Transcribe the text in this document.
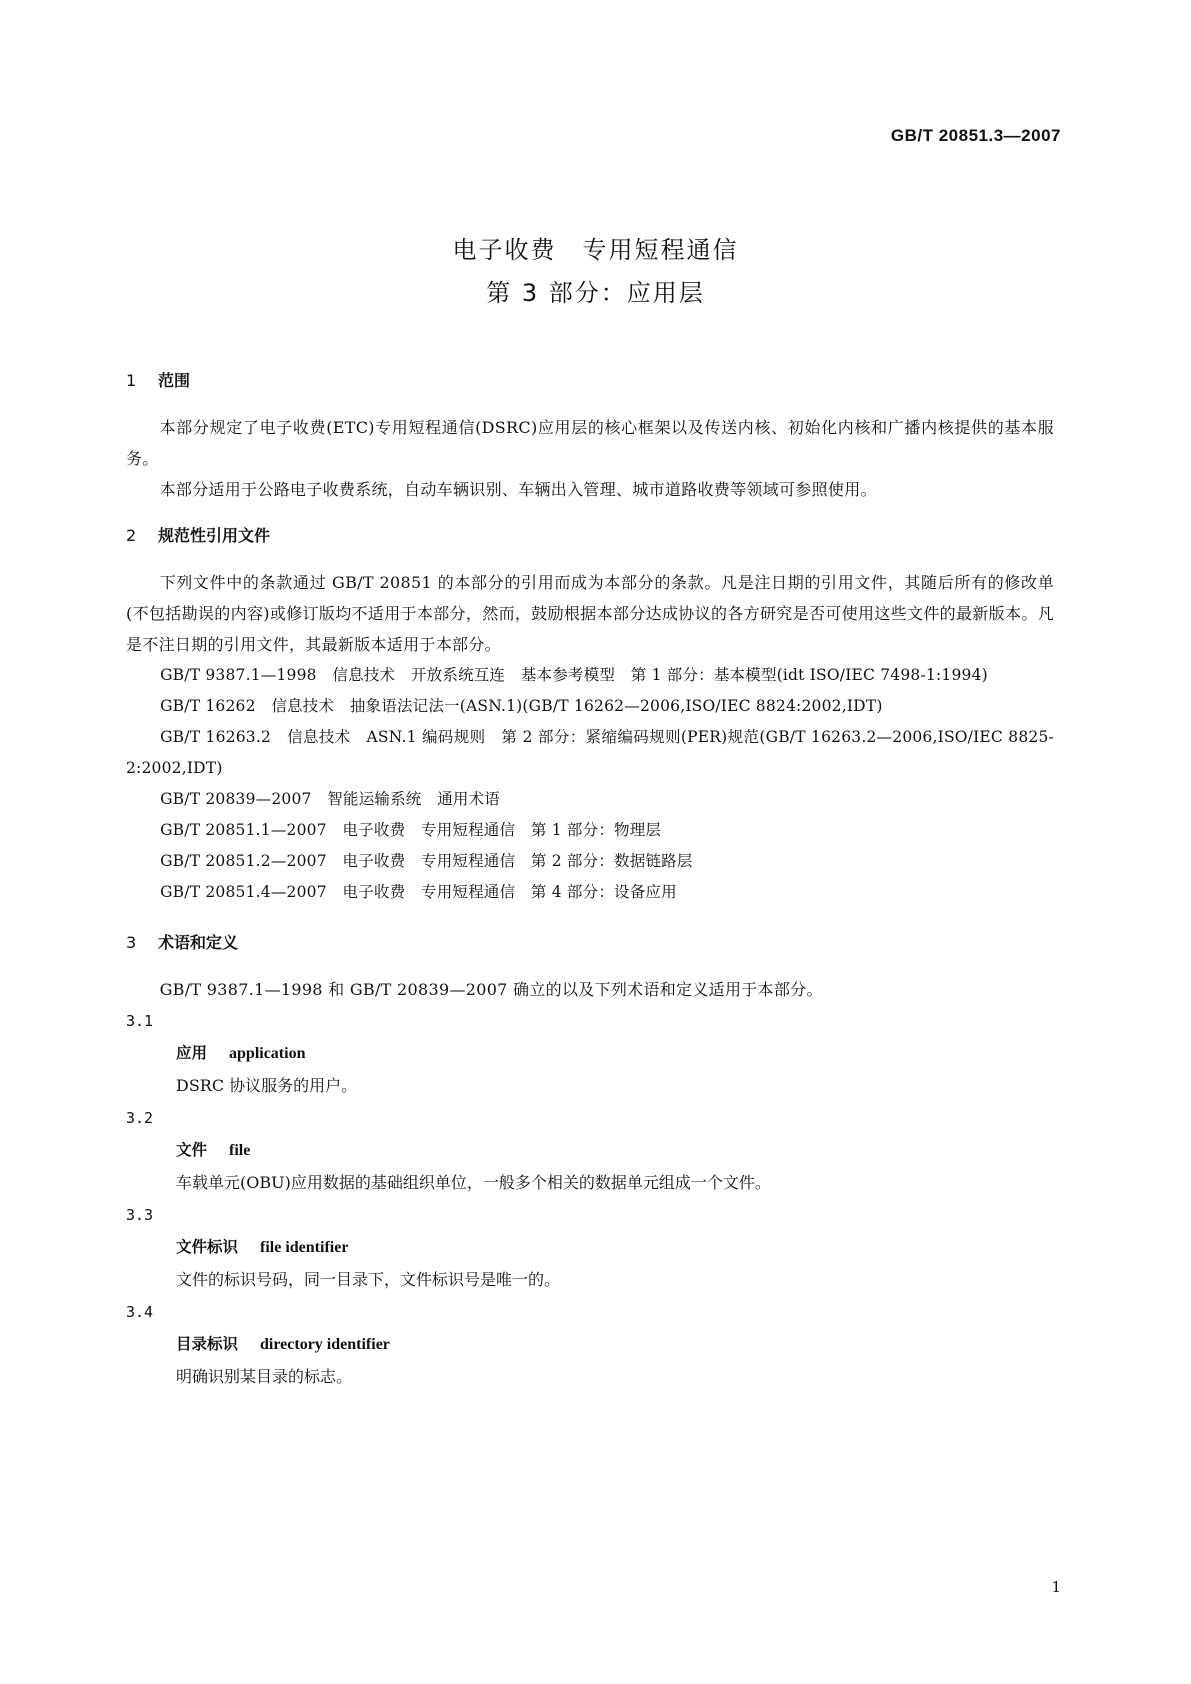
GB/T 20851.3—2007
电子收费　专用短程通信
第 3 部分：应用层
1 范围

本部分规定了电子收费(ETC)专用短程通信(DSRC)应用层的核心框架以及传送内核、初始化内核和广播内核提供的基本服务。

本部分适用于公路电子收费系统，自动车辆识别、车辆出入管理、城市道路收费等领域可参照使用。

2 规范性引用文件

下列文件中的条款通过 GB/T 20851 的本部分的引用而成为本部分的条款。凡是注日期的引用文件，其随后所有的修改单(不包括勘误的内容)或修订版均不适用于本部分，然而，鼓励根据本部分达成协议的各方研究是否可使用这些文件的最新版本。凡是不注日期的引用文件，其最新版本适用于本部分。

GB/T 9387.1—1998　信息技术　开放系统互连　基本参考模型　第 1 部分：基本模型(idt ISO/IEC 7498-1:1994)

GB/T 16262　信息技术　抽象语法记法一(ASN.1)(GB/T 16262—2006,ISO/IEC 8824:2002,IDT)

GB/T 16263.2　信息技术　ASN.1 编码规则　第 2 部分：紧缩编码规则(PER)规范(GB/T 16263.2—2006,ISO/IEC 8825-2:2002,IDT)

GB/T 20839—2007　智能运输系统　通用术语

GB/T 20851.1—2007　电子收费　专用短程通信　第 1 部分：物理层

GB/T 20851.2—2007　电子收费　专用短程通信　第 2 部分：数据链路层

GB/T 20851.4—2007　电子收费　专用短程通信　第 4 部分：设备应用

3 术语和定义

GB/T 9387.1—1998 和 GB/T 20839—2007 确立的以及下列术语和定义适用于本部分。

3.1

应用 application

DSRC 协议服务的用户。

3.2

文件 file

车载单元(OBU)应用数据的基础组织单位，一般多个相关的数据单元组成一个文件。

3.3

文件标识 file identifier

文件的标识号码，同一目录下，文件标识号是唯一的。

3.4

目录标识 directory identifier

明确识别某目录的标志。

1
